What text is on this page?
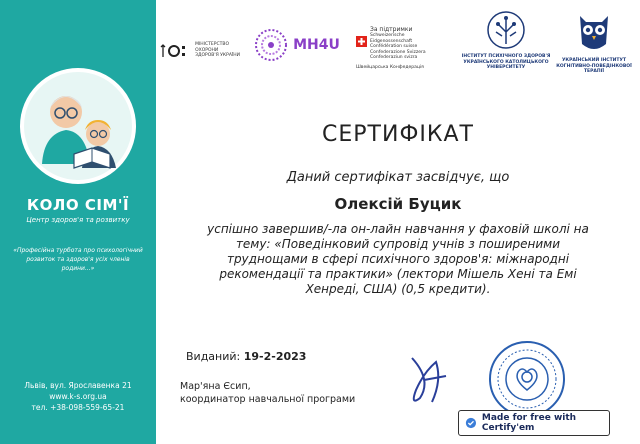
КОЛО СІМ'Ї
Центр здоров'я та розвитку
«Професійна турбота про психологічний розвиток та здоров'я усіх членів родини...»
Львів, вул. Ярославенка 21
www.k-s.org.ua
тел. +38-098-559-65-21
МІНІСТЕРСТВО ОХОРОНИ ЗДОРОВ'Я УКРАЇНИ
MH4U
За підтримки
Schweizerische Eidgenossenschaft Confédération suisse Confederazione Svizzera Confederaziun svizra
Швейцарська Конфедерація
ІНСТИТУТ ПСИХІЧНОГО ЗДОРОВ'Я УКРАЇНСЬКОГО КАТОЛИЦЬКОГО УНІВЕРСИТЕТУ
УКРАЇНСЬКИЙ ІНСТИТУТ КОГНІТИВНО-ПОВЕДІНКОВОЇ ТЕРАПІЇ
СЕРТИФІКАТ
Даний сертифікат засвідчує, що
Олексій Буцик
успішно завершив/-ла он-лайн навчання у фаховій школі на тему: «Поведінковий супровід учнів з поширеними труднощами в сфері психічного здоров'я: міжнародні рекомендації та практики» (лектори Мішель Хені та Емі Хенреді, США) (0,5 кредити).
Виданий: 19-2-2023
Мар'яна Єсип,
координатор навчальної програми
Made for free with Certify'em
